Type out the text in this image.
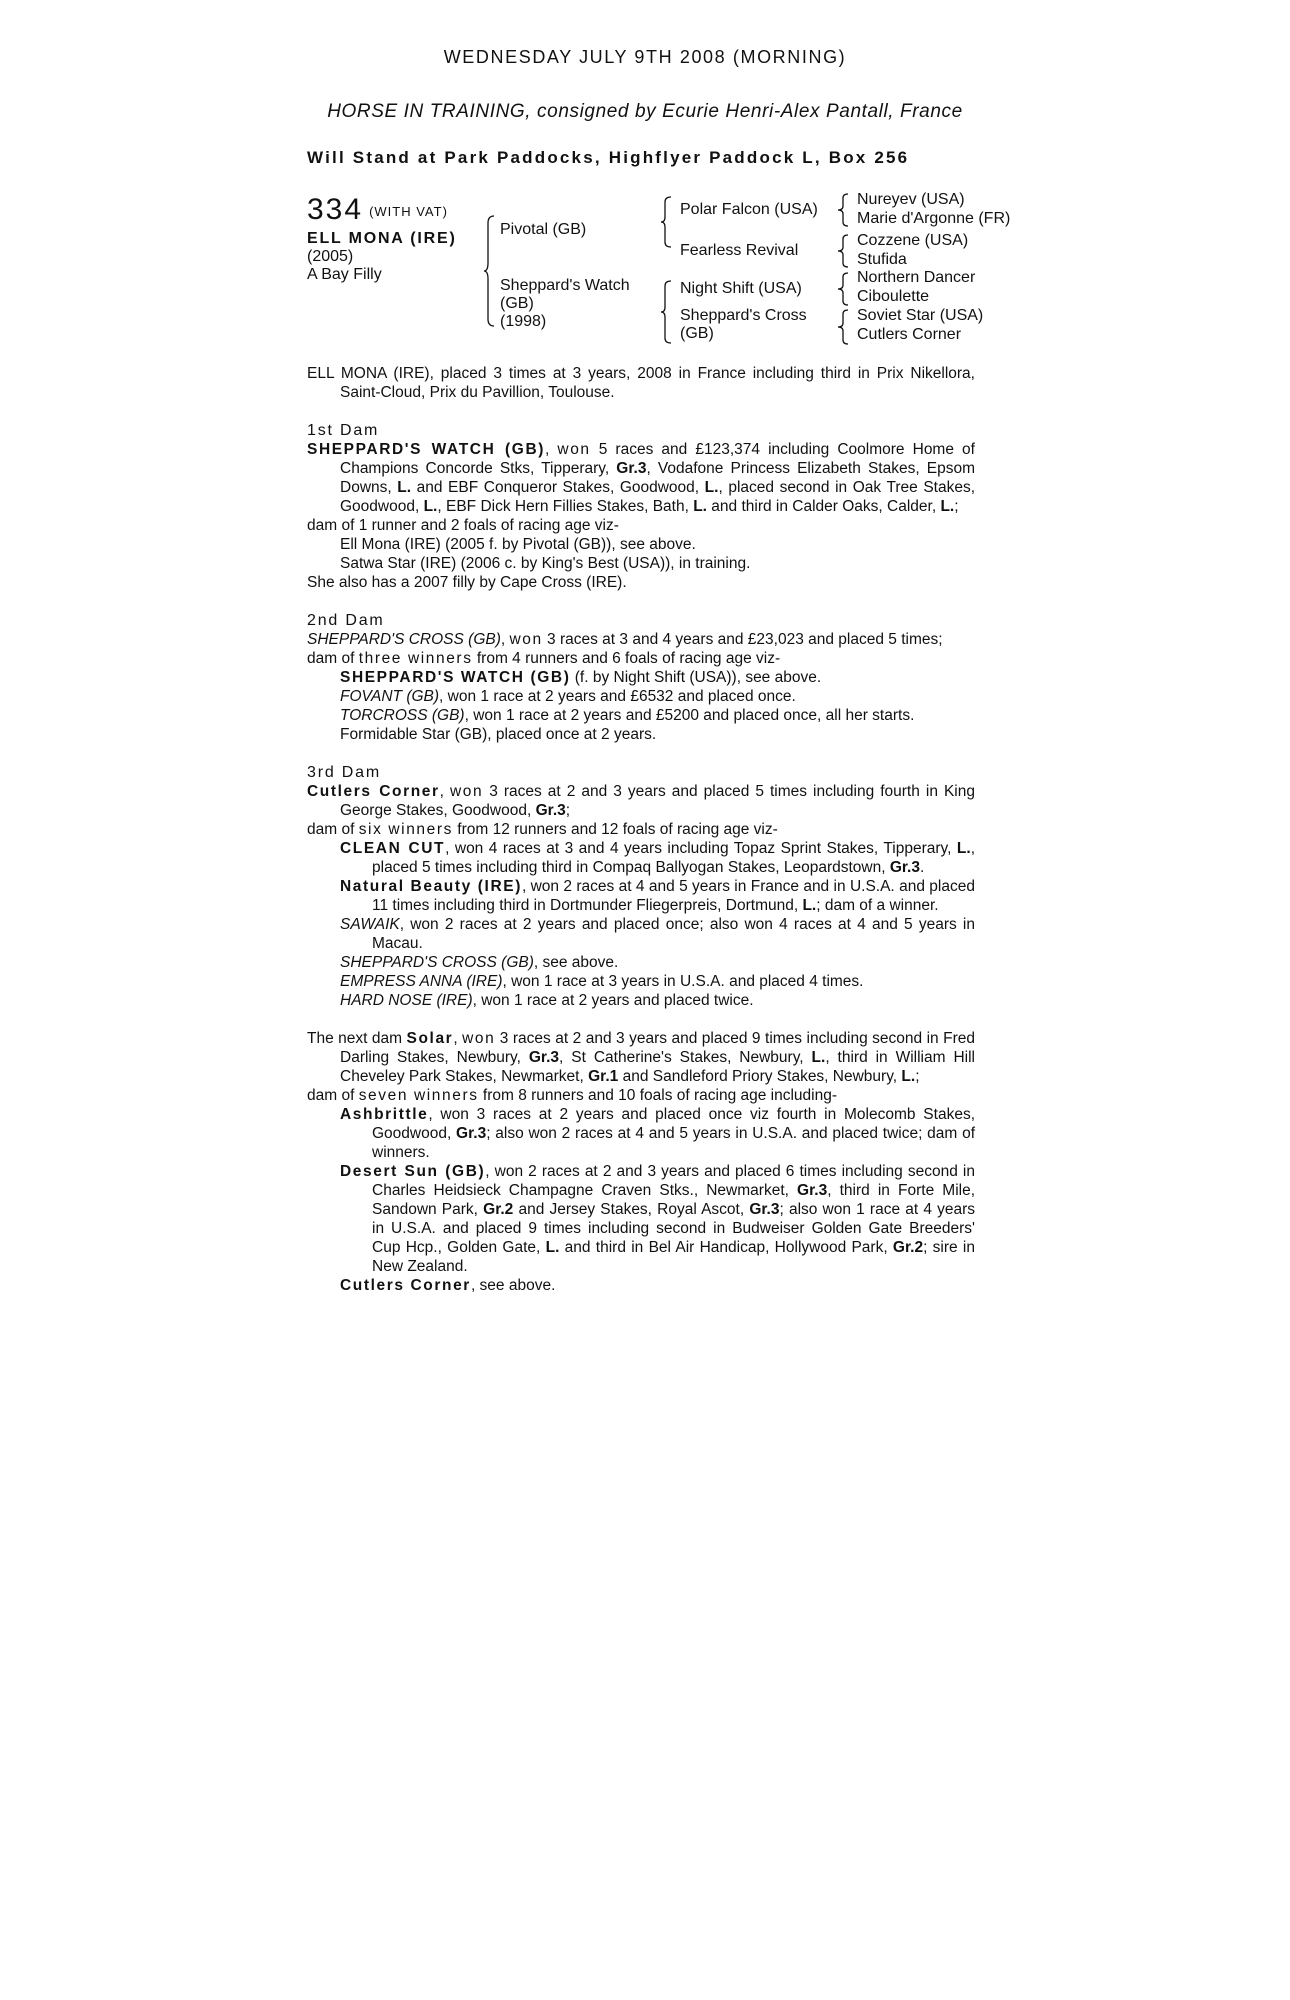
WEDNESDAY JULY 9TH 2008 (MORNING)
HORSE IN TRAINING, consigned by Ecurie Henri-Alex Pantall, France
Will Stand at Park Paddocks, Highflyer Paddock L, Box 256
334 (WITH VAT)
ELL MONA (IRE)
(2005)
A Bay Filly
Pivotal (GB)
Sheppard's Watch
(GB)
(1998)
Polar Falcon (USA)
Fearless Revival
Night Shift (USA)
Sheppard's Cross
(GB)
Nureyev (USA)
Marie d'Argonne (FR)
Cozzene (USA)
Stufida
Northern Dancer
Ciboulette
Soviet Star (USA)
Cutlers Corner

ELL MONA (IRE), placed 3 times at 3 years, 2008 in France including third in Prix Nikellora, Saint-Cloud, Prix du Pavillion, Toulouse.

1st Dam

SHEPPARD'S WATCH (GB), won 5 races and £123,374 including Coolmore Home of Champions Concorde Stks, Tipperary, Gr.3, Vodafone Princess Elizabeth Stakes, Epsom Downs, L. and EBF Conqueror Stakes, Goodwood, L., placed second in Oak Tree Stakes, Goodwood, L., EBF Dick Hern Fillies Stakes, Bath, L. and third in Calder Oaks, Calder, L.;

dam of 1 runner and 2 foals of racing age viz-

Ell Mona (IRE) (2005 f. by Pivotal (GB)), see above.

Satwa Star (IRE) (2006 c. by King's Best (USA)), in training.

She also has a 2007 filly by Cape Cross (IRE).

2nd Dam

SHEPPARD'S CROSS (GB), won 3 races at 3 and 4 years and £23,023 and placed 5 times;

dam of three winners from 4 runners and 6 foals of racing age viz-

SHEPPARD'S WATCH (GB) (f. by Night Shift (USA)), see above.

FOVANT (GB), won 1 race at 2 years and £6532 and placed once.

TORCROSS (GB), won 1 race at 2 years and £5200 and placed once, all her starts.

Formidable Star (GB), placed once at 2 years.

3rd Dam

Cutlers Corner, won 3 races at 2 and 3 years and placed 5 times including fourth in King George Stakes, Goodwood, Gr.3;

dam of six winners from 12 runners and 12 foals of racing age viz-

CLEAN CUT, won 4 races at 3 and 4 years including Topaz Sprint Stakes, Tipperary, L., placed 5 times including third in Compaq Ballyogan Stakes, Leopardstown, Gr.3.

Natural Beauty (IRE), won 2 races at 4 and 5 years in France and in U.S.A. and placed 11 times including third in Dortmunder Fliegerpreis, Dortmund, L.; dam of a winner.

SAWAIK, won 2 races at 2 years and placed once; also won 4 races at 4 and 5 years in Macau.

SHEPPARD'S CROSS (GB), see above.

EMPRESS ANNA (IRE), won 1 race at 3 years in U.S.A. and placed 4 times.

HARD NOSE (IRE), won 1 race at 2 years and placed twice.

The next dam Solar, won 3 races at 2 and 3 years and placed 9 times including second in Fred Darling Stakes, Newbury, Gr.3, St Catherine's Stakes, Newbury, L., third in William Hill Cheveley Park Stakes, Newmarket, Gr.1 and Sandleford Priory Stakes, Newbury, L.;

dam of seven winners from 8 runners and 10 foals of racing age including-

Ashbrittle, won 3 races at 2 years and placed once viz fourth in Molecomb Stakes, Goodwood, Gr.3; also won 2 races at 4 and 5 years in U.S.A. and placed twice; dam of winners.

Desert Sun (GB), won 2 races at 2 and 3 years and placed 6 times including second in Charles Heidsieck Champagne Craven Stks., Newmarket, Gr.3, third in Forte Mile, Sandown Park, Gr.2 and Jersey Stakes, Royal Ascot, Gr.3; also won 1 race at 4 years in U.S.A. and placed 9 times including second in Budweiser Golden Gate Breeders' Cup Hcp., Golden Gate, L. and third in Bel Air Handicap, Hollywood Park, Gr.2; sire in New Zealand.

Cutlers Corner, see above.
